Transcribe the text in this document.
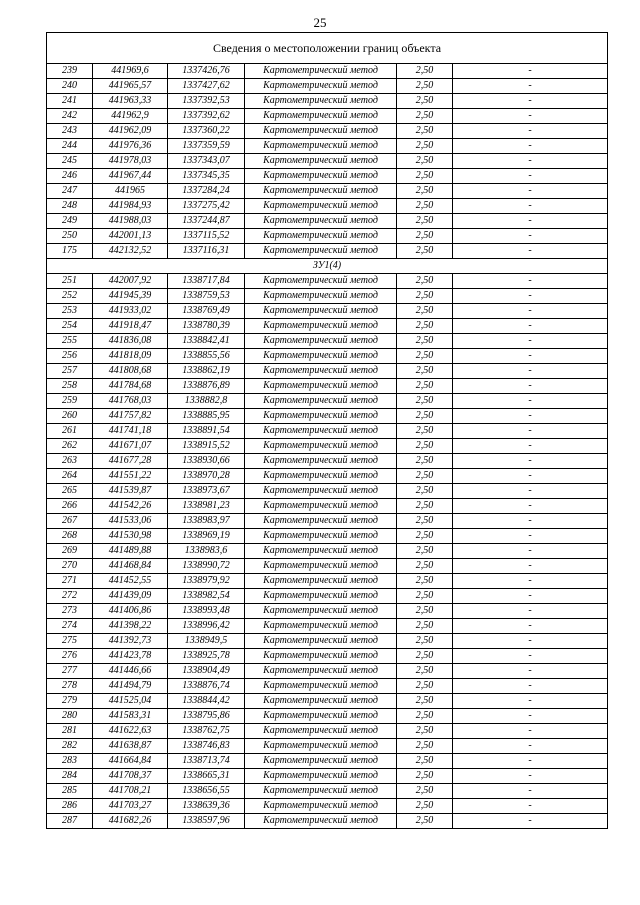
25
Сведения о местоположении границ объекта					
239	441969,6	1337426,76	Картометрический метод	2,50	-
240	441965,57	1337427,62	Картометрический метод	2,50	-
241	441963,33	1337392,53	Картометрический метод	2,50	-
242	441962,9	1337392,62	Картометрический метод	2,50	-
243	441962,09	1337360,22	Картометрический метод	2,50	-
244	441976,36	1337359,59	Картометрический метод	2,50	-
245	441978,03	1337343,07	Картометрический метод	2,50	-
246	441967,44	1337345,35	Картометрический метод	2,50	-
247	441965	1337284,24	Картометрический метод	2,50	-
248	441984,93	1337275,42	Картометрический метод	2,50	-
249	441988,03	1337244,87	Картометрический метод	2,50	-
250	442001,13	1337115,52	Картометрический метод	2,50	-
175	442132,52	1337116,31	Картометрический метод	2,50	-
ЗУ1(4)					
251	442007,92	1338717,84	Картометрический метод	2,50	-
252	441945,39	1338759,53	Картометрический метод	2,50	-
253	441933,02	1338769,49	Картометрический метод	2,50	-
254	441918,47	1338780,39	Картометрический метод	2,50	-
255	441836,08	1338842,41	Картометрический метод	2,50	-
256	441818,09	1338855,56	Картометрический метод	2,50	-
257	441808,68	1338862,19	Картометрический метод	2,50	-
258	441784,68	1338876,89	Картометрический метод	2,50	-
259	441768,03	1338882,8	Картометрический метод	2,50	-
260	441757,82	1338885,95	Картометрический метод	2,50	-
261	441741,18	1338891,54	Картометрический метод	2,50	-
262	441671,07	1338915,52	Картометрический метод	2,50	-
263	441677,28	1338930,66	Картометрический метод	2,50	-
264	441551,22	1338970,28	Картометрический метод	2,50	-
265	441539,87	1338973,67	Картометрический метод	2,50	-
266	441542,26	1338981,23	Картометрический метод	2,50	-
267	441533,06	1338983,97	Картометрический метод	2,50	-
268	441530,98	1338969,19	Картометрический метод	2,50	-
269	441489,88	1338983,6	Картометрический метод	2,50	-
270	441468,84	1338990,72	Картометрический метод	2,50	-
271	441452,55	1338979,92	Картометрический метод	2,50	-
272	441439,09	1338982,54	Картометрический метод	2,50	-
273	441406,86	1338993,48	Картометрический метод	2,50	-
274	441398,22	1338996,42	Картометрический метод	2,50	-
275	441392,73	1338949,5	Картометрический метод	2,50	-
276	441423,78	1338925,78	Картометрический метод	2,50	-
277	441446,66	1338904,49	Картометрический метод	2,50	-
278	441494,79	1338876,74	Картометрический метод	2,50	-
279	441525,04	1338844,42	Картометрический метод	2,50	-
280	441583,31	1338795,86	Картометрический метод	2,50	-
281	441622,63	1338762,75	Картометрический метод	2,50	-
282	441638,87	1338746,83	Картометрический метод	2,50	-
283	441664,84	1338713,74	Картометрический метод	2,50	-
284	441708,37	1338665,31	Картометрический метод	2,50	-
285	441708,21	1338656,55	Картометрический метод	2,50	-
286	441703,27	1338639,36	Картометрический метод	2,50	-
287	441682,26	1338597,96	Картометрический метод	2,50	-
